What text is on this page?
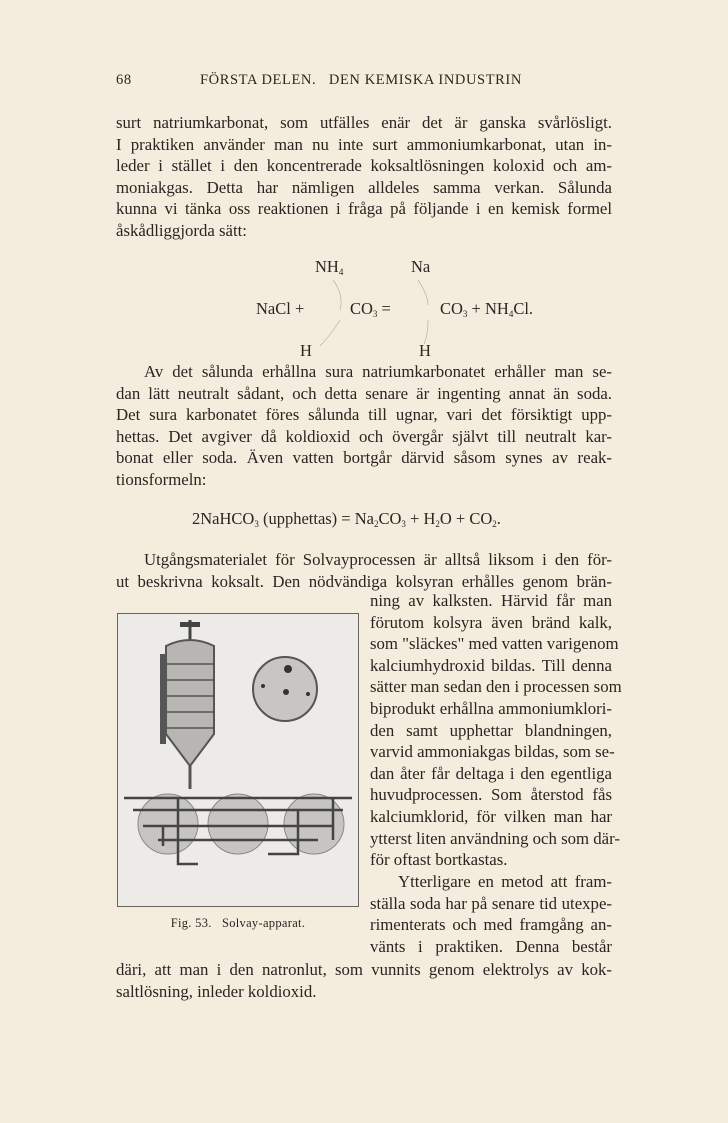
68	FÖRSTA DELEN.   DEN KEMISKA INDUSTRIN
surt natriumkarbonat, som utfälles enär det är ganska svårlösligt.
I praktiken använder man nu inte surt ammoniumkarbonat, utan in-
leder i stället i den koncentrerade koksaltlösningen koloxid och am-
moniakgas. Detta har nämligen alldeles samma verkan. Sålunda
kunna vi tänka oss reaktionen i fråga på följande i en kemisk formel
åskådliggjorda sätt:
$NH_4$	Na
NaCl +	$CO_3$ =	$CO_3 + NH_4Cl$.
H	H
Av det sålunda erhållna sura natriumkarbonatet erhåller man se-
dan lätt neutralt sådant, och detta senare är ingenting annat än soda.
Det sura karbonatet föres sålunda till ugnar, vari det försiktigt upp-
hettas. Det avgiver då koldioxid och övergår självt till neutralt kar-
bonat eller soda. Även vatten bortgår därvid såsom synes av reak-
tionsformeln:
2NaHCO$_3$ (upphettas) = $Na_2CO_3 + H_2O + CO_2$.
Utgångsmaterialet för Solvayprocessen är alltså liksom i den för-
ut beskrivna koksalt. Den nödvändiga kolsyran erhålles genom brän-
ning av kalksten. Härvid får man
förutom kolsyra även bränd kalk,
som "släckes" med vatten varigenom
kalciumhydroxid bildas. Till denna
sätter man sedan den i processen som
biprodukt erhållna ammoniumklori-
den samt upphettar blandningen,
varvid ammoniakgas bildas, som se-
dan åter får deltaga i den egentliga
huvudprocessen. Som återstod fås
kalciumklorid, för vilken man har
ytterst liten användning och som där-
för oftast bortkastas.
Ytterligare en metod att fram-
ställa soda har på senare tid utexpe-
rimenterats och med framgång an-
vänts i praktiken. Denna består
däri, att man i den natronlut, som vunnits genom elektrolys av kok-
saltlösning, inleder koldioxid.
Fig. 53.   Solvay-apparat.
